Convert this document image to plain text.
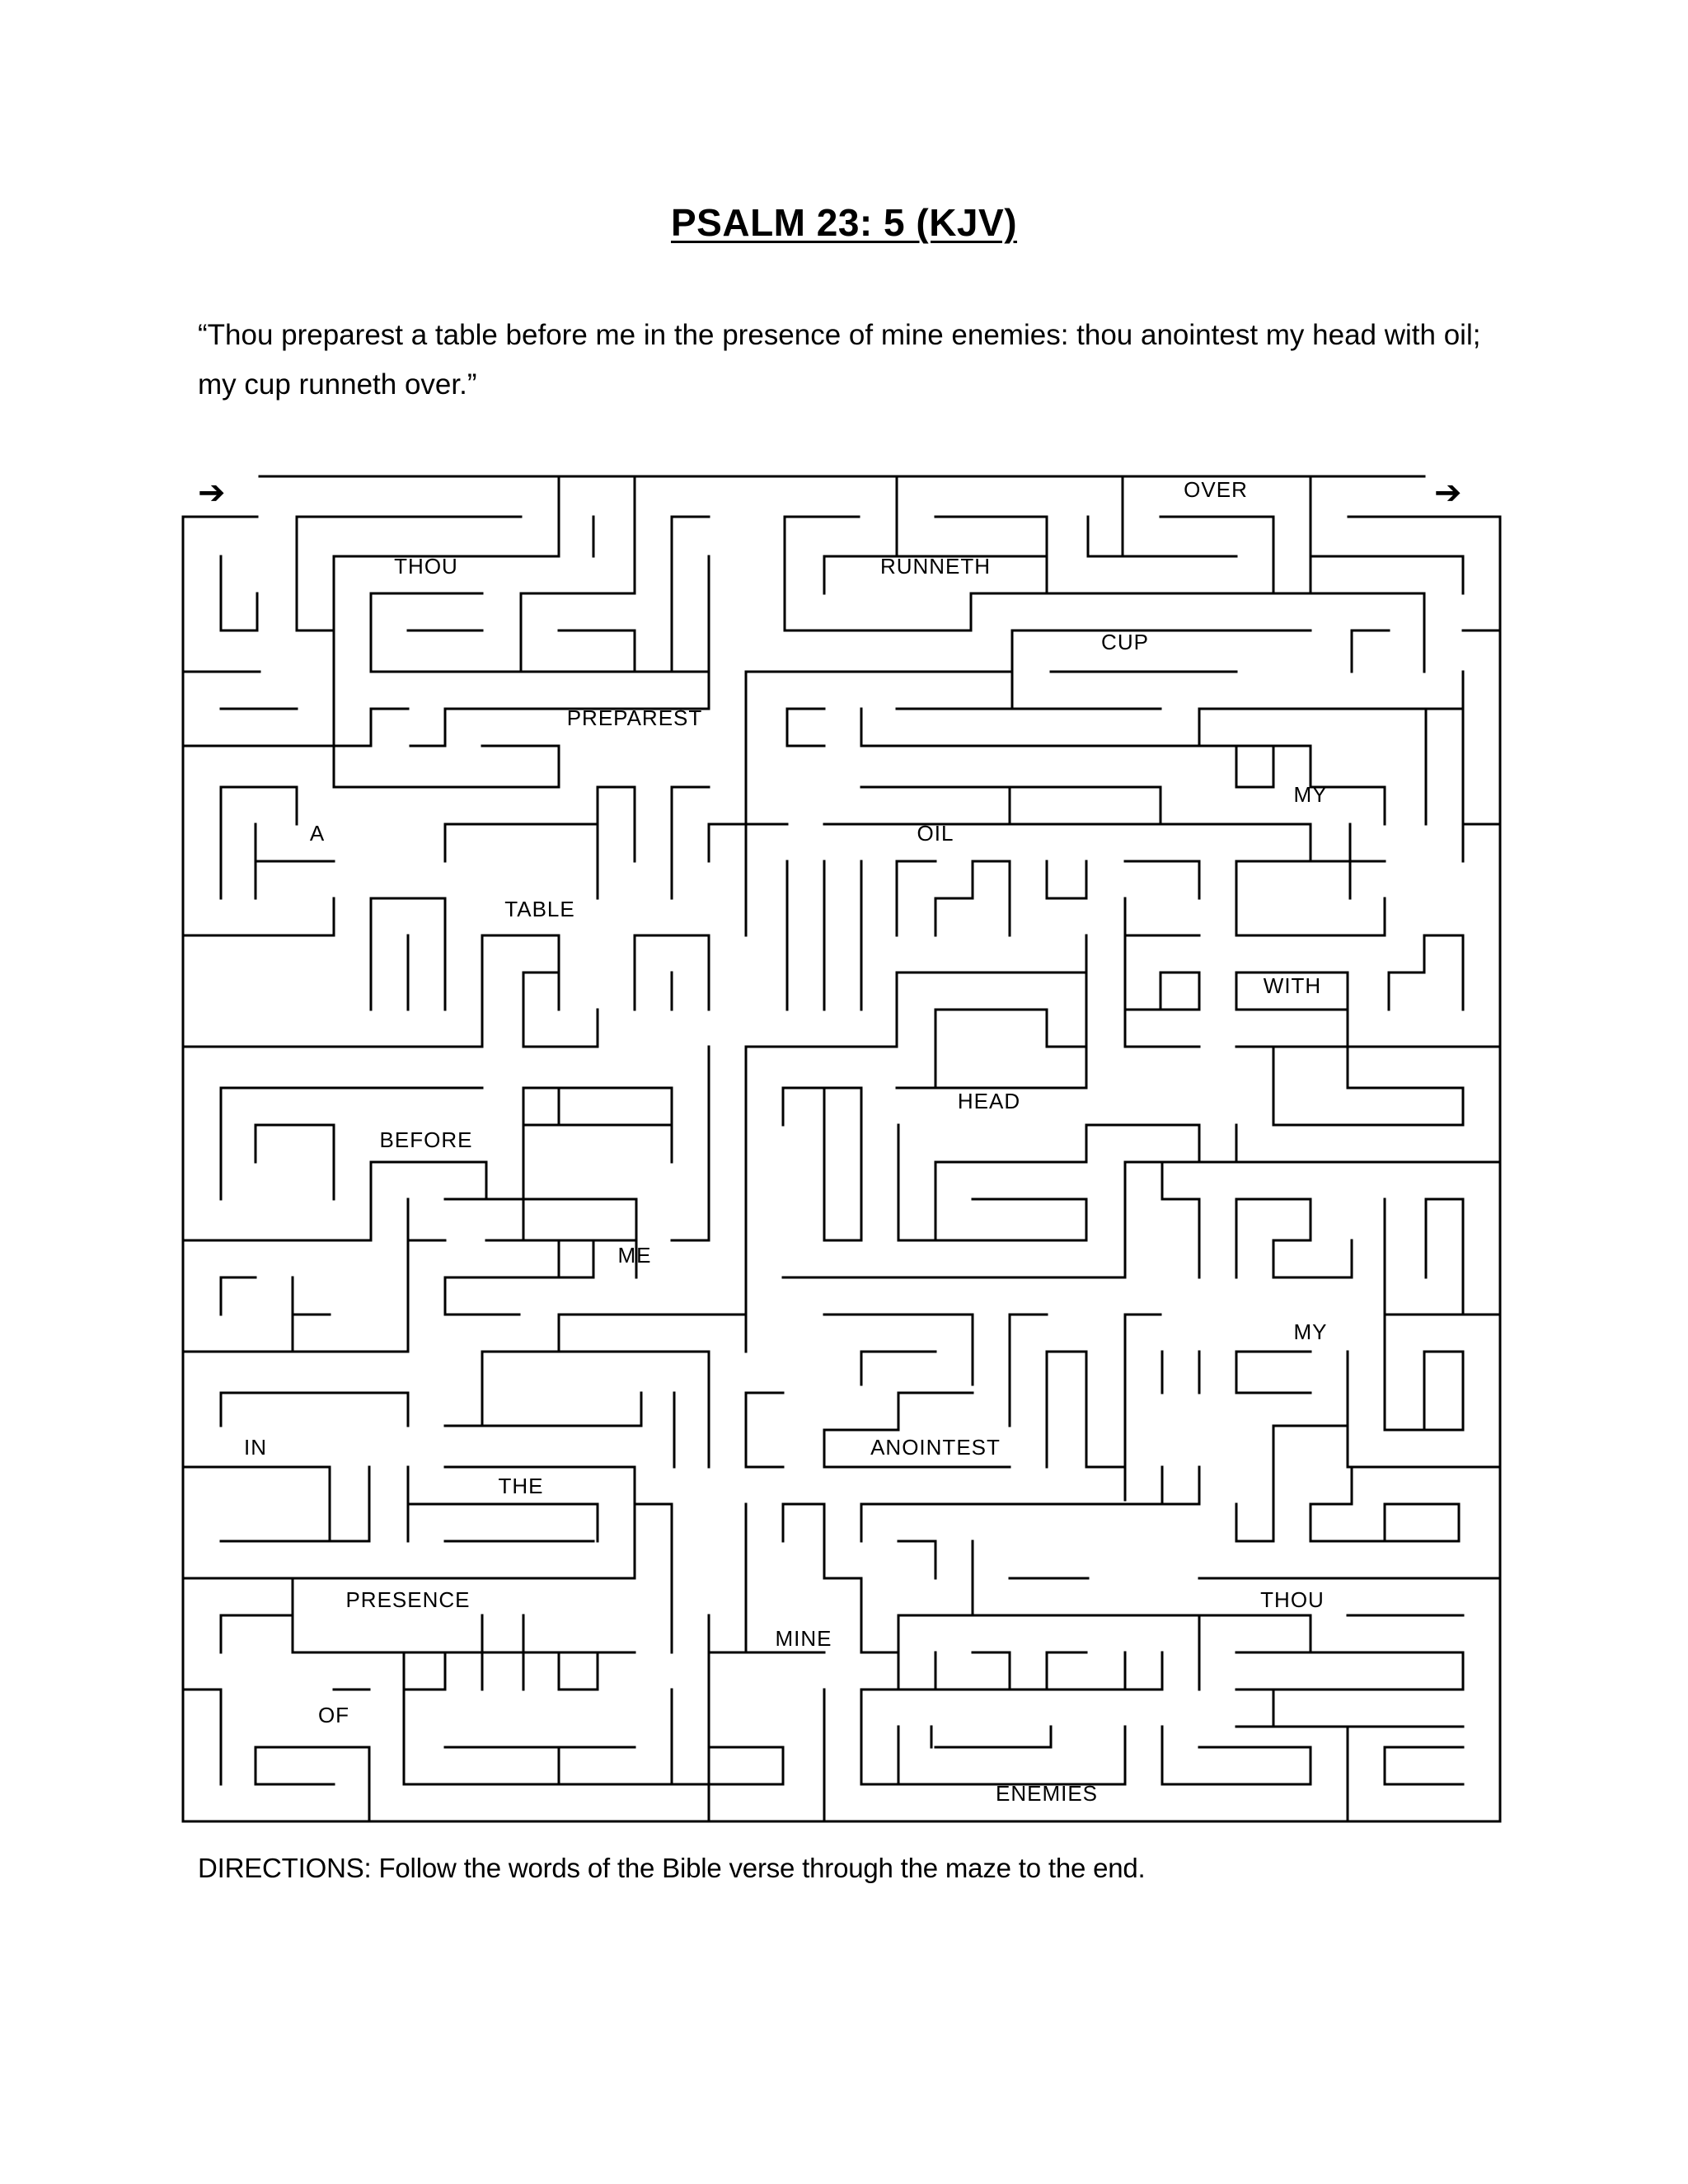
PSALM 23: 5 (KJV)
“Thou preparest a table before me in the presence of mine enemies: thou anointest my head with oil; my cup runneth over.”
➔	➔
OVER
THOU	RUNNETH
CUP
PREPAREST
MY
A	OIL
TABLE
WITH
HEAD
BEFORE
ME
MY
IN	ANOINTEST
THE
PRESENCE	THOU
MINE
OF
ENEMIES
DIRECTIONS: Follow the words of the Bible verse through the maze to the end.
